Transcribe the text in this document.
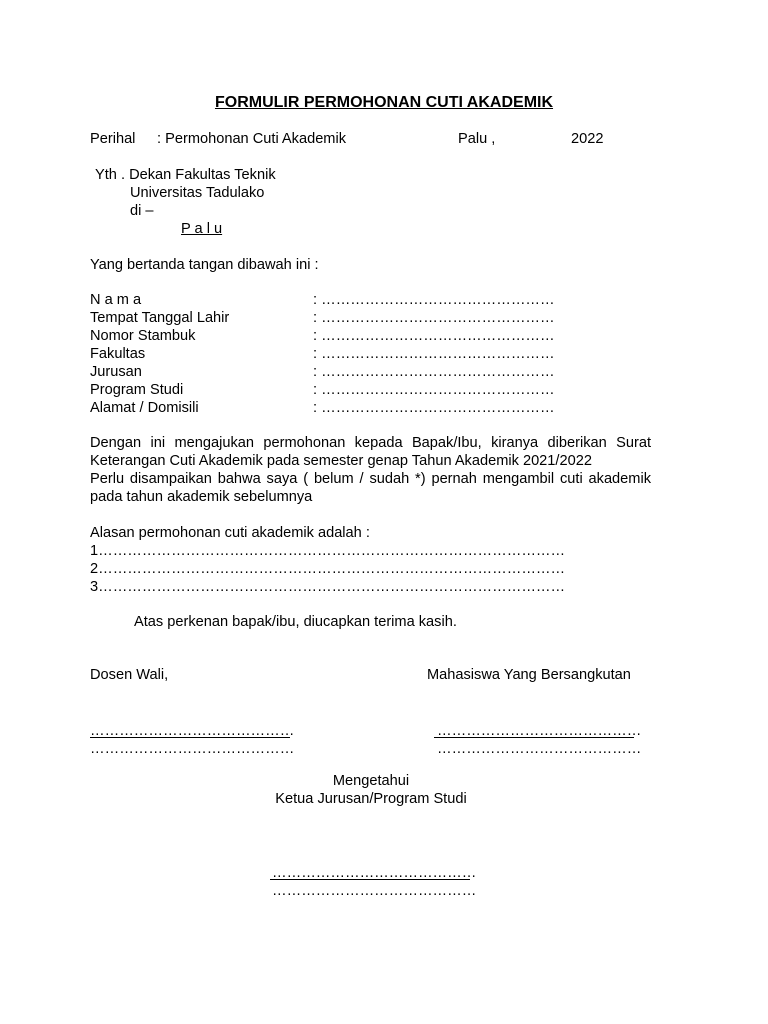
FORMULIR PERMOHONAN CUTI AKADEMIK
Perihal : Permohonan Cuti Akademik	Palu ,	2022
Yth . Dekan Fakultas Teknik
Universitas Tadulako
di –
P a l u
Yang bertanda tangan dibawah ini :
N a m a	: …………………………………………
Tempat Tanggal Lahir	: …………………………………………
Nomor Stambuk	: …………………………………………
Fakultas	: …………………………………………
Jurusan	: …………………………………………
Program Studi	: …………………………………………
Alamat / Domisili	: …………………………………………
Dengan ini mengajukan permohonan kepada Bapak/Ibu, kiranya diberikan Surat
Keterangan Cuti Akademik pada semester genap Tahun Akademik 2021/2022
Perlu disampaikan bahwa saya ( belum / sudah *) pernah mengambil cuti akademik
pada tahun akademik sebelumnya
Alasan permohonan cuti akademik adalah :
1……………………………………………………………………………………
2……………………………………………………………………………………
3……………………………………………………………………………………
Atas perkenan bapak/ibu, diucapkan terima kasih.
Dosen Wali,	Mahasiswa Yang Bersangkutan
……………………………………
……………………………………
……………………………………
……………………………………
Mengetahui
Ketua Jurusan/Program Studi
……………………………………
……………………………………
